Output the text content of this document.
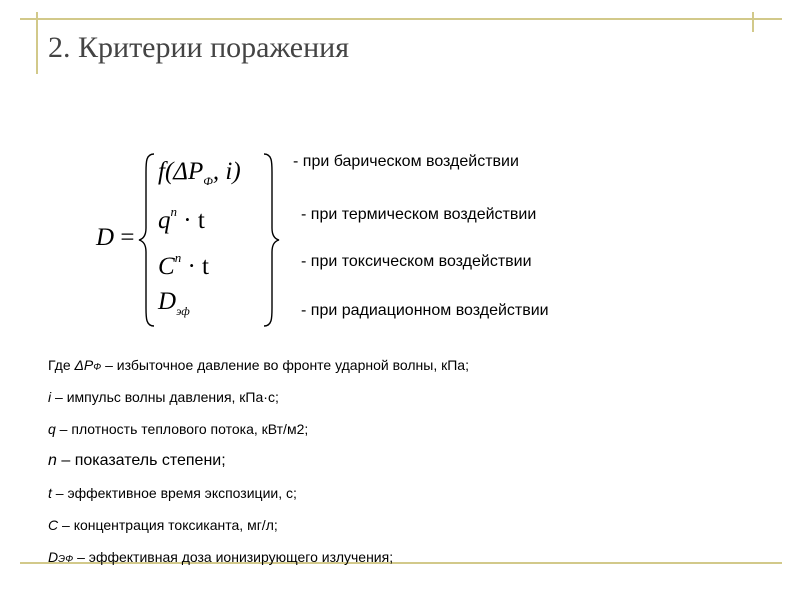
2. Критерии поражения
D =
$f(\Delta P_Ф$, i)
$q^n \cdot t$
$C^n \cdot t$
$D_{эф}$
- при барическом воздействии
- при термическом воздействии
- при токсическом воздействии
- при радиационном воздействии
Где ΔPФ – избыточное давление во фронте ударной волны, кПа;
i – импульс волны давления, кПа·с;
q – плотность теплового потока, кВт/м2;
n – показатель степени;
t – эффективное время экспозиции, с;
C – концентрация токсиканта, мг/л;
DЭФ – эффективная доза ионизирующего излучения;
